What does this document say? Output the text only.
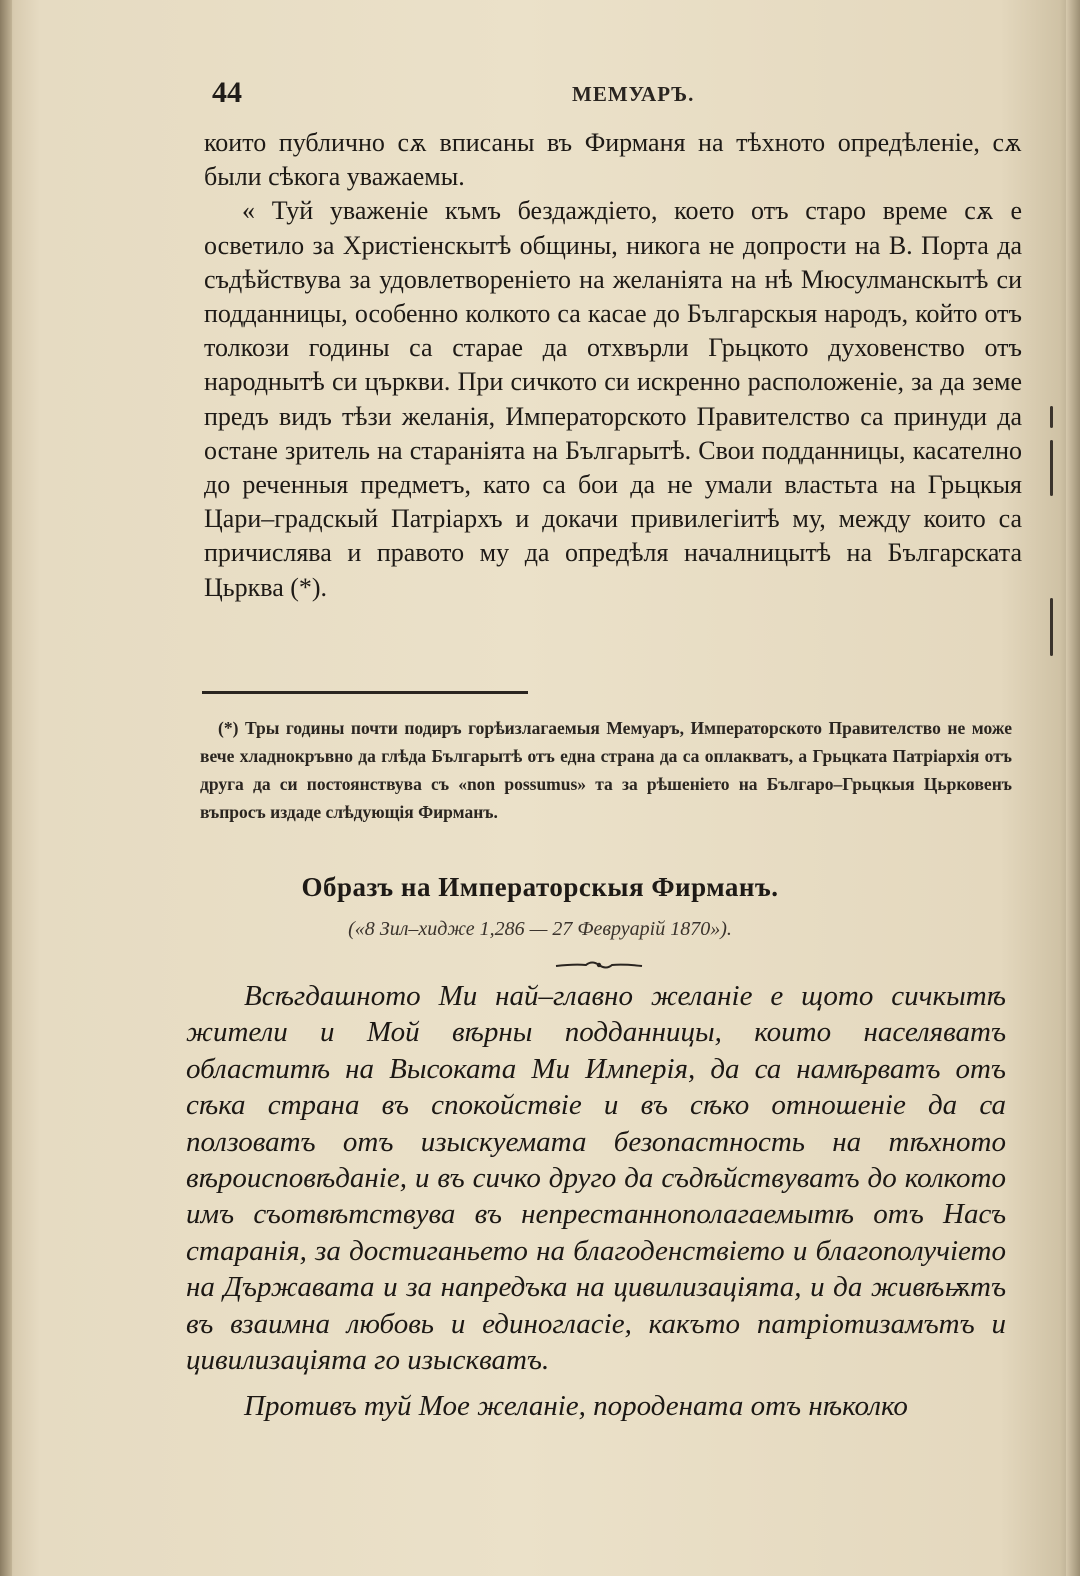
44	МЕМУАРЪ.

които публично сѫ вписаны въ Фирманя на тѣхното опредѣленіе, сѫ были сѣкога уважаемы.

« Туй уваженіе къмъ бездаждіето, което отъ старо време сѫ е осветило за Христіенскытѣ общины, никога не допрости на В. Порта да съдѣйствува за удовлетвореніето на желаніята на нѣ Мюсулманскытѣ си подданницы, особенно колкото са касае до Българскыя народъ, който отъ толкози годины са старае да отхвърли Грьцкото духовенство отъ народнытѣ си църкви. При сичкото си искренно расположеніе, за да земе предъ видъ тѣзи желанія, Императорското Правителство са принуди да остане зритель на стараніята на Българытѣ. Свои подданницы, касателно до реченныя предметъ, като са бои да не умали властьта на Грьцкыя Цари–градскый Патріархъ и докачи привилегіитѣ му, между които са причислява и правото му да опредѣля началницытѣ на Българската Цьрква (*).

(*) Тры годины почти подиръ горѣизлагаемыя Мемуаръ, Императорското Правителство не може вече хладнокръвно да глѣда Българытѣ отъ една страна да са оплакватъ, а Грьцката Патріархія отъ друга да си постоянствува съ «non possumus» та за рѣшеніето на Българо–Грьцкыя Цьрковенъ въпросъ издаде слѣдующія Фирманъ.
Образъ на Императорскыя Фирманъ.
(«8 Зил–хидже 1,286 — 27 Февруарій 1870»).

Всѣгдашното Ми най–главно желаніе е щото сичкытѣ жители и Мой вѣрны подданницы, които населяватъ областитѣ на Высоката Ми Имперія, да са намѣрватъ отъ сѣка страна въ спокойствіе и въ сѣко отношеніе да са ползоватъ отъ изыскуемата безопастность на тѣхното вѣроисповѣданіе, и въ сичко друго да съдѣйствуватъ до колкото имъ съотвѣтствува въ непрестаннополагаемытѣ отъ Насъ старанія, за достиганьето на благоденствіето и благополучіето на Държавата и за напредъка на цивилизаціята, и да живѣѭтъ въ взаимна любовь и единогласіе, какъто патріотизамътъ и цивилизаціята го изыскватъ.

Противъ туй Мое желаніе, породената отъ нѣколко
